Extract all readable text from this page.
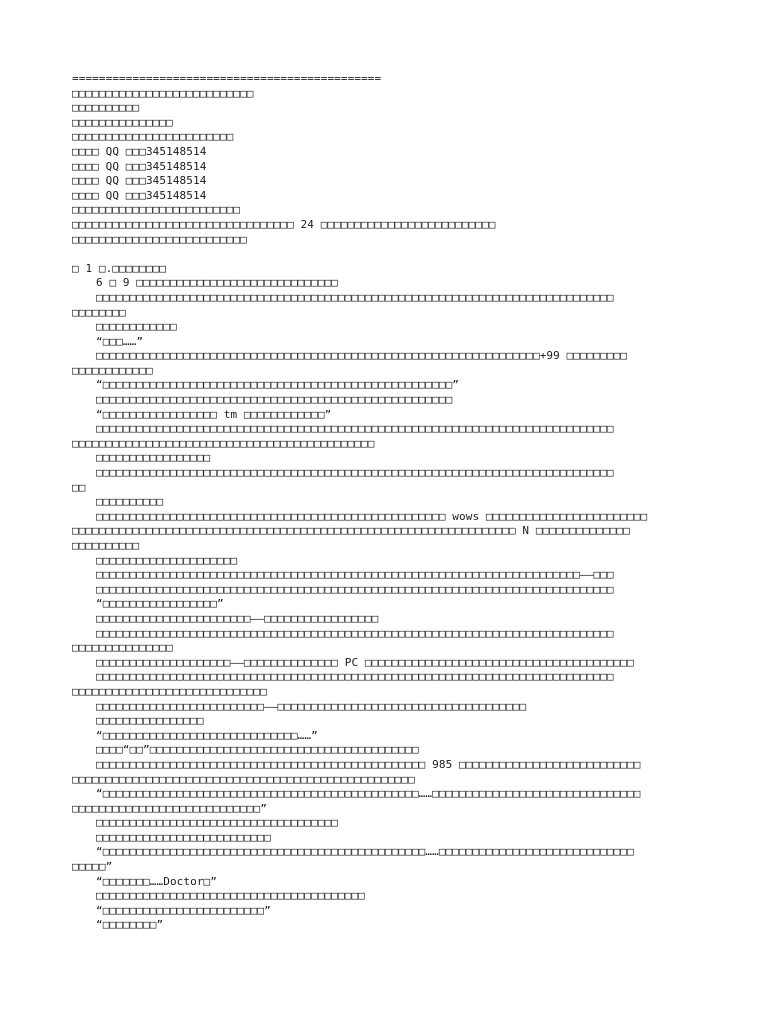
==============================================
□□□□□□□□□□□□□□□□□□□□□□□□□□□
□□□□□□□□□□
□□□□□□□□□□□□□□□
□□□□□□□□□□□□□□□□□□□□□□□□
□□□□ QQ □□□345148514
□□□□ QQ □□□345148514
□□□□ QQ □□□345148514
□□□□ QQ □□□345148514
□□□□□□□□□□□□□□□□□□□□□□□□□
□□□□□□□□□□□□□□□□□□□□□□□□□□□□□□□□□ 24 □□□□□□□□□□□□□□□□□□□□□□□□□□
□□□□□□□□□□□□□□□□□□□□□□□□□□
□ 1 □.□□□□□□□□
6 □ 9 □□□□□□□□□□□□□□□□□□□□□□□□□□□□□□
□□□□□□□□□□□□□□□□□□□□□□□□□□□□□□□□□□□□□□□□□□□□□□□□□□□□□□□□□□□□□□□□□□□□□□□□□□□□□
□□□□□□□□
□□□□□□□□□□□□
“□□□……”
□□□□□□□□□□□□□□□□□□□□□□□□□□□□□□□□□□□□□□□□□□□□□□□□□□□□□□□□□□□□□□□□□□+99 □□□□□□□□□
□□□□□□□□□□□□
“□□□□□□□□□□□□□□□□□□□□□□□□□□□□□□□□□□□□□□□□□□□□□□□□□□□□”
□□□□□□□□□□□□□□□□□□□□□□□□□□□□□□□□□□□□□□□□□□□□□□□□□□□□□
“□□□□□□□□□□□□□□□□□ tm □□□□□□□□□□□□”
□□□□□□□□□□□□□□□□□□□□□□□□□□□□□□□□□□□□□□□□□□□□□□□□□□□□□□□□□□□□□□□□□□□□□□□□□□□□□
□□□□□□□□□□□□□□□□□□□□□□□□□□□□□□□□□□□□□□□□□□□□□
□□□□□□□□□□□□□□□□□
□□□□□□□□□□□□□□□□□□□□□□□□□□□□□□□□□□□□□□□□□□□□□□□□□□□□□□□□□□□□□□□□□□□□□□□□□□□□□
□□
□□□□□□□□□□
□□□□□□□□□□□□□□□□□□□□□□□□□□□□□□□□□□□□□□□□□□□□□□□□□□□□ wows □□□□□□□□□□□□□□□□□□□□□□□□
□□□□□□□□□□□□□□□□□□□□□□□□□□□□□□□□□□□□□□□□□□□□□□□□□□□□□□□□□□□□□□□□□□ N □□□□□□□□□□□□□□
□□□□□□□□□□
□□□□□□□□□□□□□□□□□□□□□
□□□□□□□□□□□□□□□□□□□□□□□□□□□□□□□□□□□□□□□□□□□□□□□□□□□□□□□□□□□□□□□□□□□□□□□□——□□□
□□□□□□□□□□□□□□□□□□□□□□□□□□□□□□□□□□□□□□□□□□□□□□□□□□□□□□□□□□□□□□□□□□□□□□□□□□□□□
“□□□□□□□□□□□□□□□□□”
□□□□□□□□□□□□□□□□□□□□□□□——□□□□□□□□□□□□□□□□□
□□□□□□□□□□□□□□□□□□□□□□□□□□□□□□□□□□□□□□□□□□□□□□□□□□□□□□□□□□□□□□□□□□□□□□□□□□□□□
□□□□□□□□□□□□□□□
□□□□□□□□□□□□□□□□□□□□——□□□□□□□□□□□□□□ PC □□□□□□□□□□□□□□□□□□□□□□□□□□□□□□□□□□□□□□□□
□□□□□□□□□□□□□□□□□□□□□□□□□□□□□□□□□□□□□□□□□□□□□□□□□□□□□□□□□□□□□□□□□□□□□□□□□□□□□
□□□□□□□□□□□□□□□□□□□□□□□□□□□□□
□□□□□□□□□□□□□□□□□□□□□□□□□——□□□□□□□□□□□□□□□□□□□□□□□□□□□□□□□□□□□□□
□□□□□□□□□□□□□□□□
“□□□□□□□□□□□□□□□□□□□□□□□□□□□□□……”
□□□□“□□”□□□□□□□□□□□□□□□□□□□□□□□□□□□□□□□□□□□□□□□□
□□□□□□□□□□□□□□□□□□□□□□□□□□□□□□□□□□□□□□□□□□□□□□□□□ 985 □□□□□□□□□□□□□□□□□□□□□□□□□□□
□□□□□□□□□□□□□□□□□□□□□□□□□□□□□□□□□□□□□□□□□□□□□□□□□□□
“□□□□□□□□□□□□□□□□□□□□□□□□□□□□□□□□□□□□□□□□□□□□□□□……□□□□□□□□□□□□□□□□□□□□□□□□□□□□□□□
□□□□□□□□□□□□□□□□□□□□□□□□□□□□”
□□□□□□□□□□□□□□□□□□□□□□□□□□□□□□□□□□□□
□□□□□□□□□□□□□□□□□□□□□□□□□□
“□□□□□□□□□□□□□□□□□□□□□□□□□□□□□□□□□□□□□□□□□□□□□□□□……□□□□□□□□□□□□□□□□□□□□□□□□□□□□□
□□□□□”
“□□□□□□□……Doctor□”
□□□□□□□□□□□□□□□□□□□□□□□□□□□□□□□□□□□□□□□□
“□□□□□□□□□□□□□□□□□□□□□□□□”
“□□□□□□□□”
